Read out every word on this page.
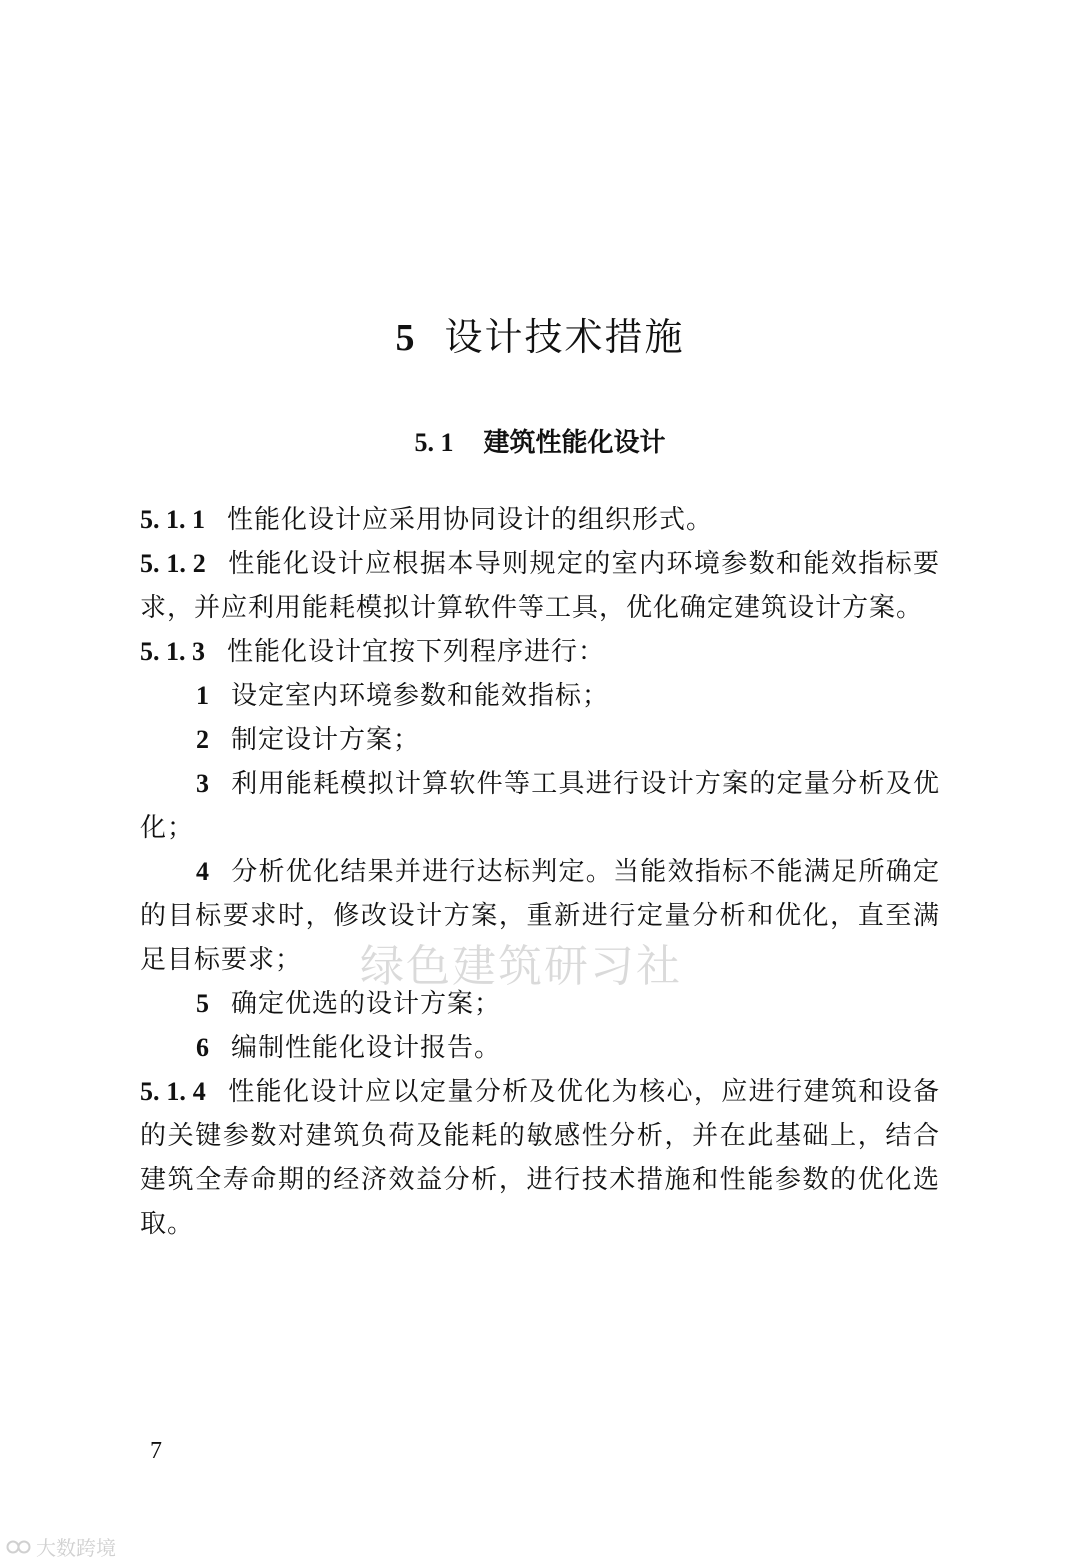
5 设计技术措施
5. 1 建筑性能化设计

5. 1. 1 性能化设计应采用协同设计的组织形式。

5. 1. 2 性能化设计应根据本导则规定的室内环境参数和能效指标要求，并应利用能耗模拟计算软件等工具，优化确定建筑设计方案。

5. 1. 3 性能化设计宜按下列程序进行：

1 设定室内环境参数和能效指标；

2 制定设计方案；

3 利用能耗模拟计算软件等工具进行设计方案的定量分析及优化；

4 分析优化结果并进行达标判定。当能效指标不能满足所确定的目标要求时，修改设计方案，重新进行定量分析和优化，直至满足目标要求；

5 确定优选的设计方案；

6 编制性能化设计报告。

5. 1. 4 性能化设计应以定量分析及优化为核心，应进行建筑和设备的关键参数对建筑负荷及能耗的敏感性分析，并在此基础上，结合建筑全寿命期的经济效益分析，进行技术措施和性能参数的优化选取。

绿色建筑研习社
7
大数跨境
